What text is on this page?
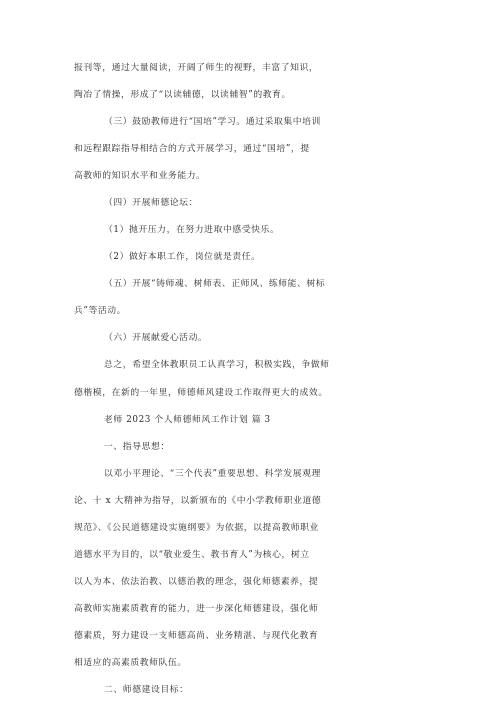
报刊等，通过大量阅读，开阔了师生的视野，丰富了知识，
陶冶了情操，形成了“以读辅德，以读辅智”的教育。
（三）鼓励教师进行“国培”学习。通过采取集中培训
和远程跟踪指导相结合的方式开展学习，通过“国培”，提
高教师的知识水平和业务能力。
（四）开展师德论坛：
（1）抛开压力，在努力进取中感受快乐。
（2）做好本职工作，岗位就是责任。
（五）开展“铸师魂、树师表、正师风、练师能、树标
兵”等活动。
（六）开展献爱心活动。
总之，希望全体教职员工认真学习，积极实践，争做师
德楷模，在新的一年里，师德师风建设工作取得更大的成效。
老师 2023 个人师德师风工作计划 篇 3
一、指导思想：
以邓小平理论、“三个代表”重要思想、科学发展观理
论、十 x 大精神为指导，以新颁布的《中小学教师职业道德
规范》、《公民道德建设实施纲要》为依据，以提高教师职业
道德水平为目的，以“敬业爱生、教书育人”为核心，树立
以人为本、依法治教、以德治教的理念，强化师德素养，提
高教师实施素质教育的能力，进一步深化师德建设，强化师
德素质，努力建设一支师德高尚、业务精湛、与现代化教育
相适应的高素质教师队伍。
二、师德建设目标：
